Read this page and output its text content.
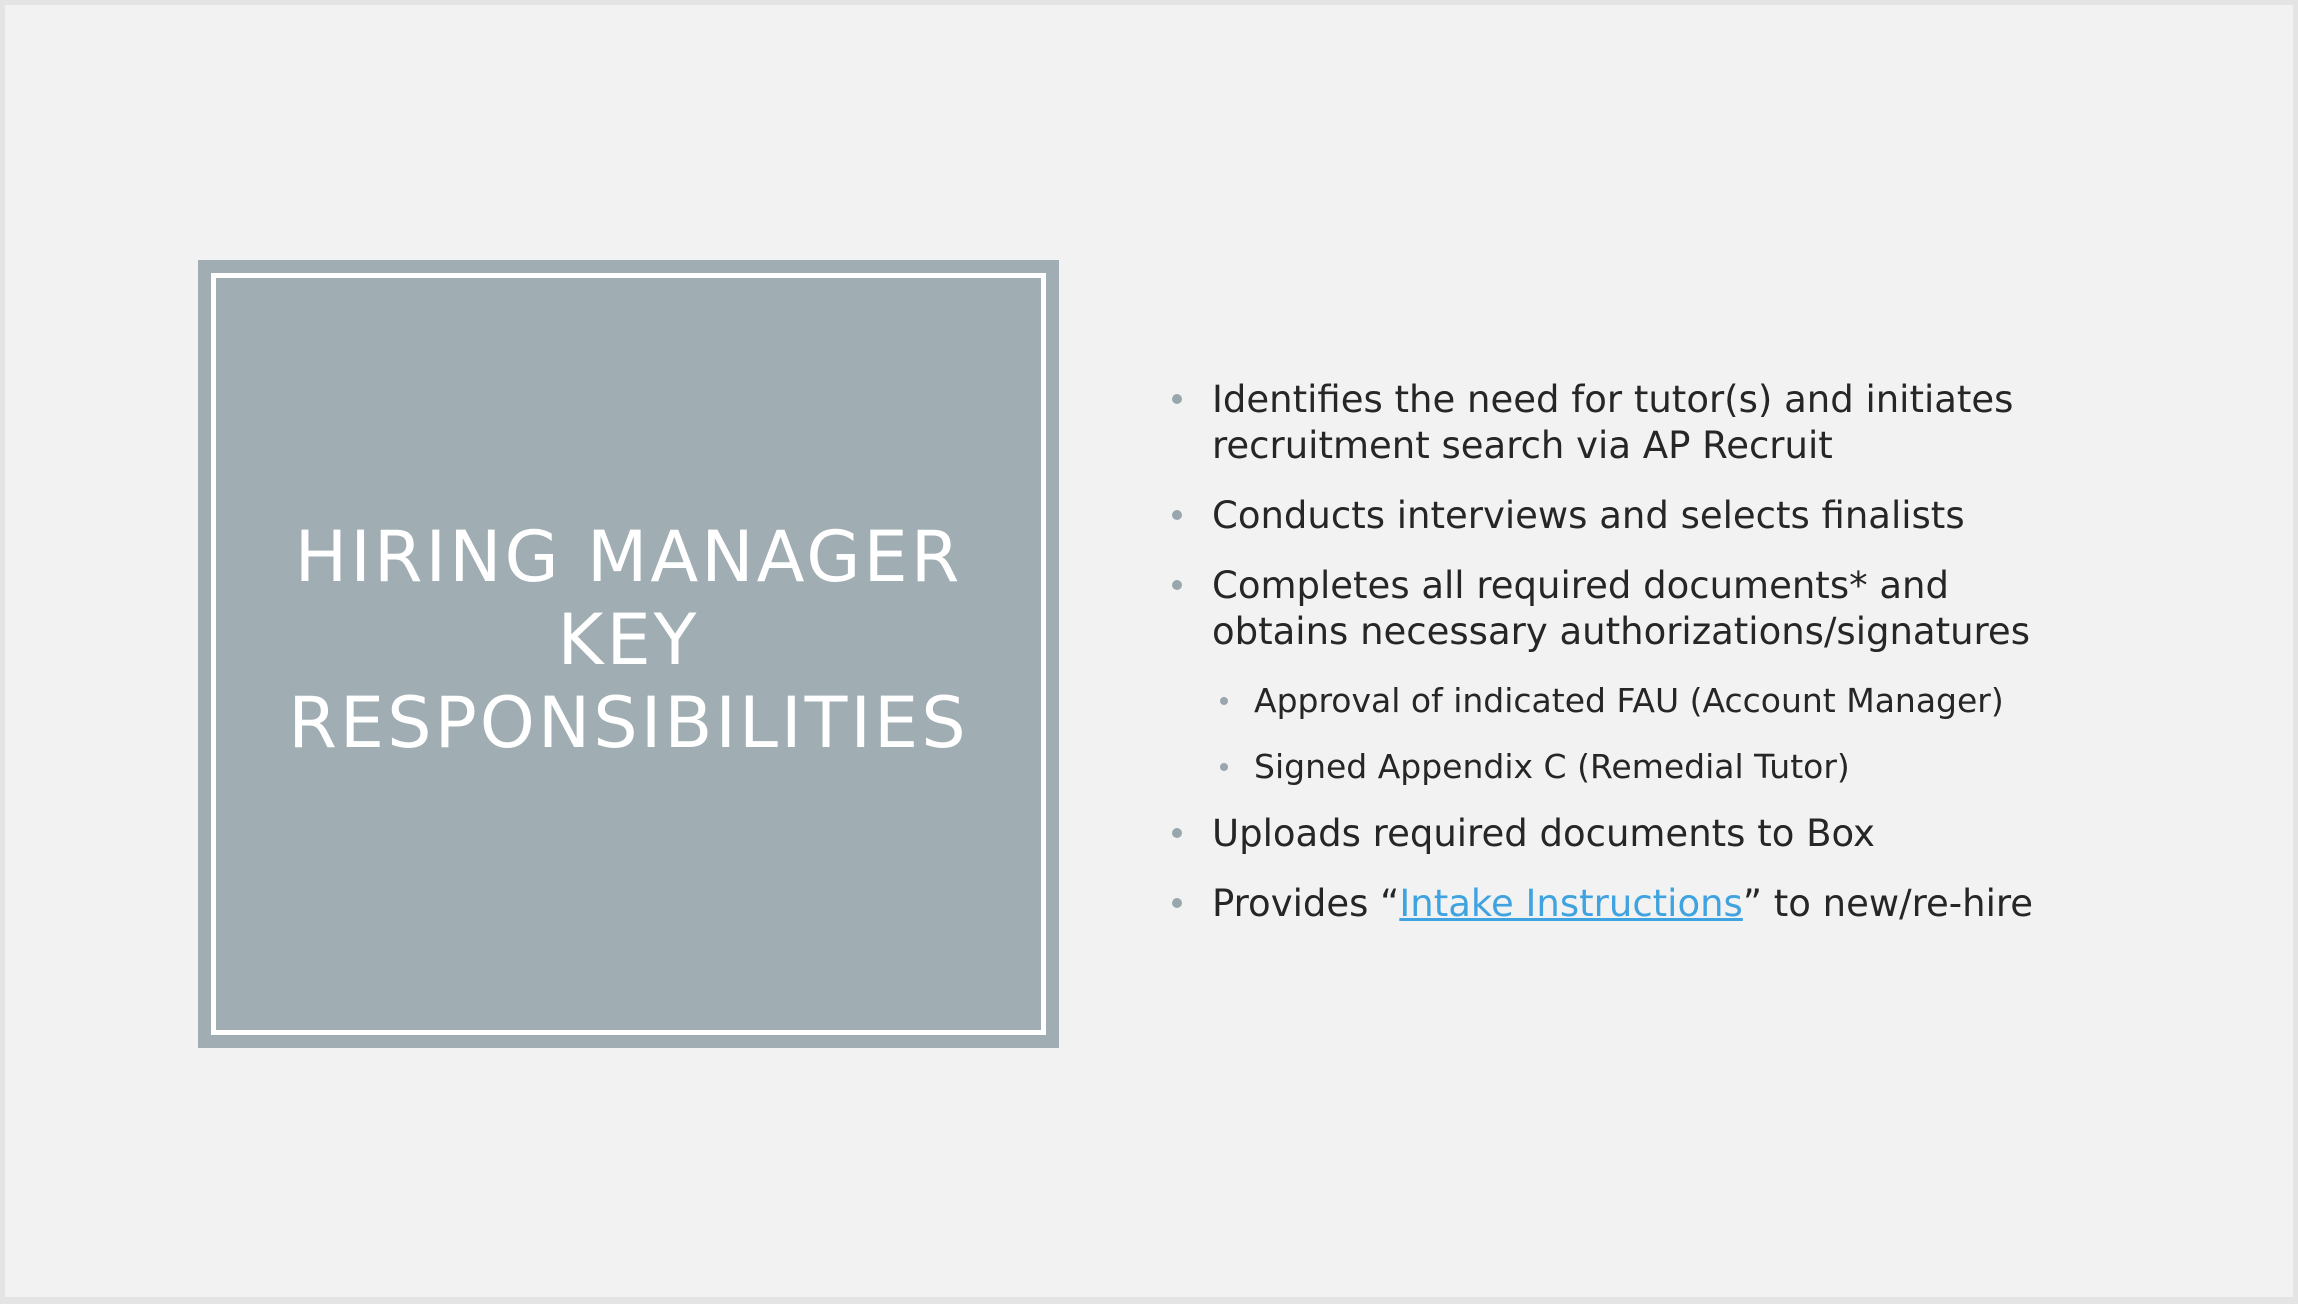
HIRING MANAGER
KEY
RESPONSIBILITIES
Identifies the need for tutor(s) and initiates
recruitment search via AP Recruit
Conducts interviews and selects finalists
Completes all required documents* and
obtains necessary authorizations/signatures
Approval of indicated FAU (Account Manager)
Signed Appendix C (Remedial Tutor)
Uploads required documents to Box
Provides “Intake Instructions” to new/re-hire
